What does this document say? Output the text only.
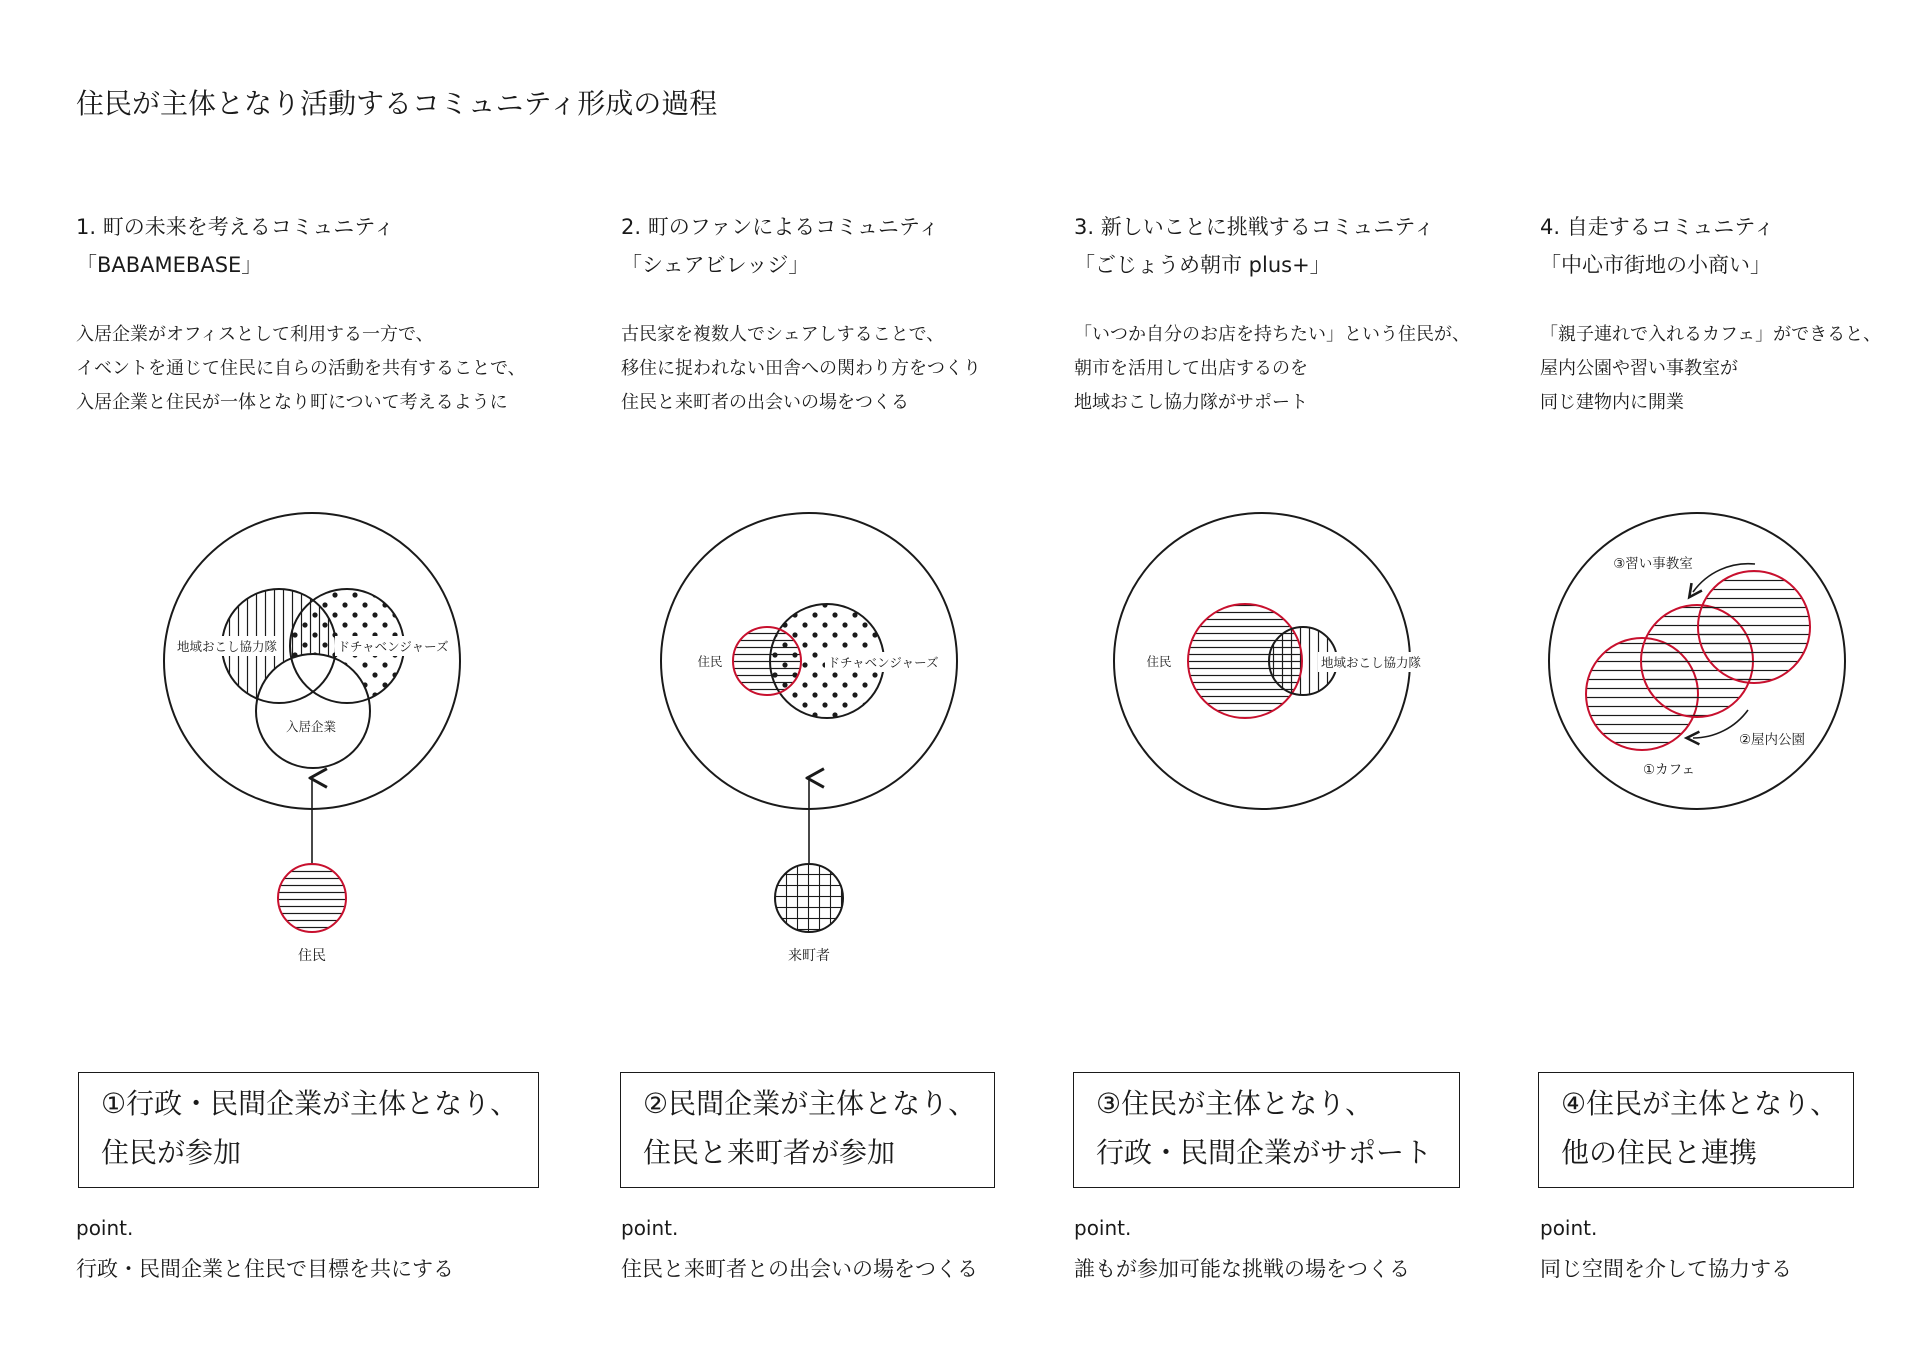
住民が主体となり活動するコミュニティ形成の過程
1. 町の未来を考えるコミュニティ
「BABAMEBASE」

入居企業がオフィスとして利用する一方で、
イベントを通じて住民に自らの活動を共有することで、
入居企業と住民が一体となり町について考えるように

①行政・民間企業が主体となり、
住民が参加
point.
行政・民間企業と住民で目標を共にする
2. 町のファンによるコミュニティ
「シェアビレッジ」

古民家を複数人でシェアしすることで、
移住に捉われない田舎への関わり方をつくり
住民と来町者の出会いの場をつくる

②民間企業が主体となり、
住民と来町者が参加
point.
住民と来町者との出会いの場をつくる
3. 新しいことに挑戦するコミュニティ
「ごじょうめ朝市 plus+」

「いつか自分のお店を持ちたい」という住民が、
朝市を活用して出店するのを
地域おこし協力隊がサポート

③住民が主体となり、
行政・民間企業がサポート
point.
誰もが参加可能な挑戦の場をつくる
4. 自走するコミュニティ
「中心市街地の小商い」

「親子連れで入れるカフェ」ができると、
屋内公園や習い事教室が
同じ建物内に開業

④住民が主体となり、
他の住民と連携
point.
同じ空間を介して協力する
地域おこし協力隊	ドチャベンジャーズ
入居企業
住民
住民	ドチャベンジャーズ
来町者
住民	地域おこし協力隊
③習い事教室
②屋内公園
①カフェ
